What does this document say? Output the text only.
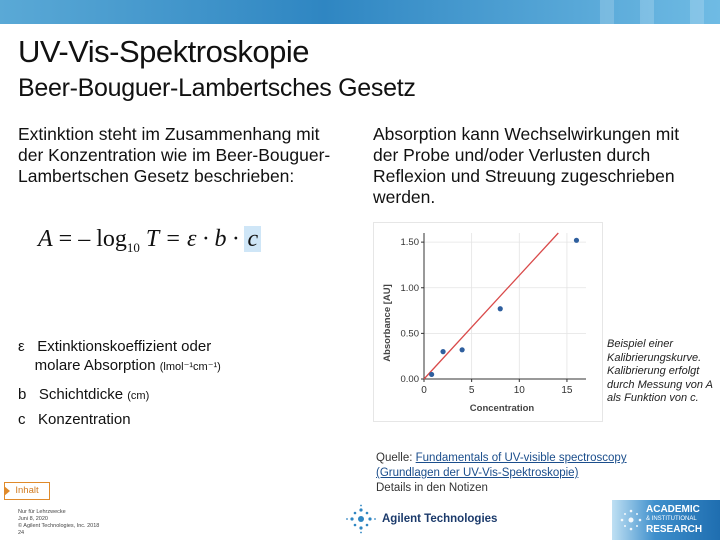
UV-Vis-Spektroskopie
Beer-Bouguer-Lambertsches Gesetz
Extinktion steht im Zusammenhang mit der Konzentration wie im Beer-Bouguer-Lambertschen Gesetz beschrieben:
Absorption kann Wechselwirkungen mit der Probe und/oder Verlusten durch Reflexion und Streuung zugeschrieben werden.
A = – $\log_{10} T = \varepsilon \cdot b \cdot c$
ε Extinktionskoeffizient oder
molare Absorption (lmol⁻¹cm⁻¹)
b Schichtdicke (cm)
c Konzentration
Absorbance [AU]
Concentration
0	5	10	15
0.00
0.50
1.00
1.50
Beispiel einer Kalibrierungskurve. Kalibrierung erfolgt durch Messung von A als Funktion von c.
Quelle: Fundamentals of UV-visible spectroscopy
(Grundlagen der UV-Vis-Spektroskopie)
Details in den Notizen
Inhalt
Nur für Lehrzwecke
Juni 8, 2020
© Agilent Technologies, Inc. 2018
24
Agilent Technologies
ACADEMIC
& INSTITUTIONAL
RESEARCH
